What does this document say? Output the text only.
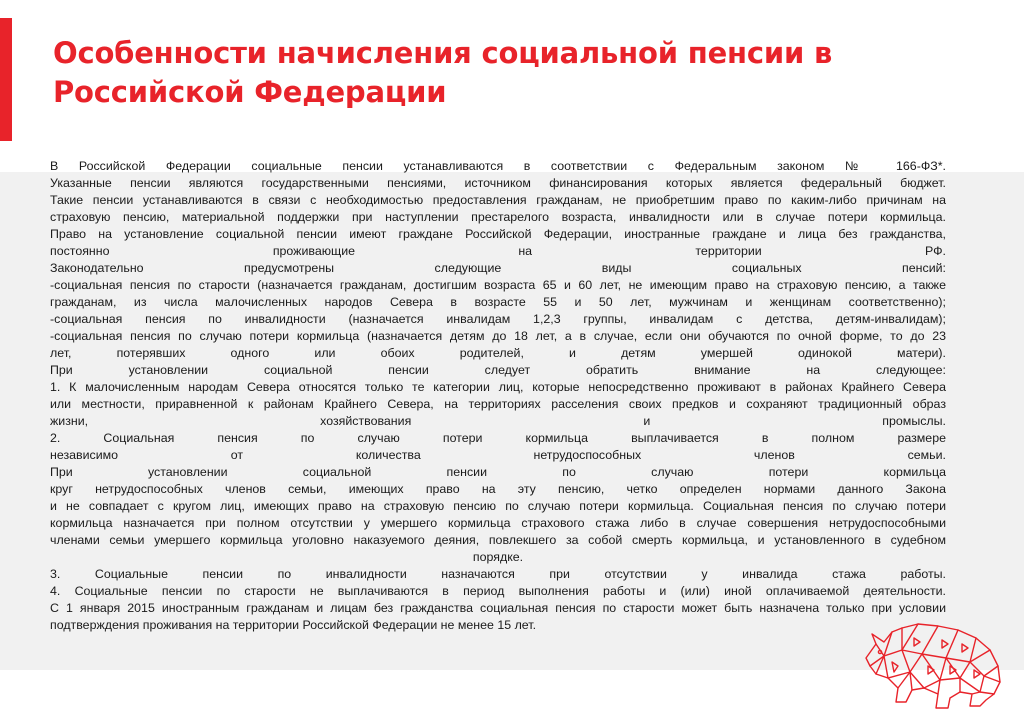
Особенности начисления социальной пенсии в
Российской Федерации
В Российской Федерации социальные пенсии устанавливаются в соответствии с Федеральным законом № 166-ФЗ*.
Указанные пенсии являются государственными пенсиями, источником финансирования которых является федеральный бюджет.
Такие пенсии устанавливаются в связи с необходимостью предоставления гражданам, не приобретшим право по каким-либо причинам на
страховую пенсию, материальной поддержки при наступлении престарелого возраста, инвалидности или в случае потери кормильца.
Право на установление социальной пенсии имеют граждане Российской Федерации, иностранные граждане и лица без гражданства,
постоянно проживающие на территории РФ.
Законодательно предусмотрены следующие виды социальных пенсий:
-социальная пенсия по старости (назначается гражданам, достигшим возраста 65 и 60 лет, не имеющим право на страховую пенсию, а также
гражданам, из числа малочисленных народов Севера в возрасте 55 и 50 лет, мужчинам и женщинам соответственно);
-социальная пенсия по инвалидности (назначается инвалидам 1,2,3 группы, инвалидам с детства, детям-инвалидам);
-социальная пенсия по случаю потери кормильца (назначается детям до 18 лет, а в случае, если они обучаются по очной форме, то до 23
лет, потерявших одного или обоих родителей, и детям умершей одинокой матери).
При установлении социальной пенсии следует обратить внимание на следующее:
1. К малочисленным народам Севера относятся только те категории лиц, которые непосредственно проживают в районах Крайнего Севера
или местности, приравненной к районам Крайнего Севера, на территориях расселения своих предков и сохраняют традиционный образ
жизни, хозяйствования и промыслы.
2. Социальная пенсия по случаю потери кормильца выплачивается в полном размере
независимо от количества нетрудоспособных членов семьи.
При установлении социальной пенсии по случаю потери кормильца
круг нетрудоспособных членов семьи, имеющих право на эту пенсию, четко определен нормами данного Закона
и не совпадает с кругом лиц, имеющих право на страховую пенсию по случаю потери кормильца. Социальная пенсия по случаю потери
кормильца назначается при полном отсутствии у умершего кормильца страхового стажа либо в случае совершения нетрудоспособными
членами семьи умершего кормильца уголовно наказуемого деяния, повлекшего за собой смерть кормильца, и установленного в судебном
порядке.
3. Социальные пенсии по инвалидности назначаются при отсутствии у инвалида стажа работы.
4. Социальные пенсии по старости не выплачиваются в период выполнения работы и (или) иной оплачиваемой деятельности.
С 1 января 2015 иностранным гражданам и лицам без гражданства социальная пенсия по старости может быть назначена только при условии
подтверждения проживания на территории Российской Федерации не менее 15 лет.
